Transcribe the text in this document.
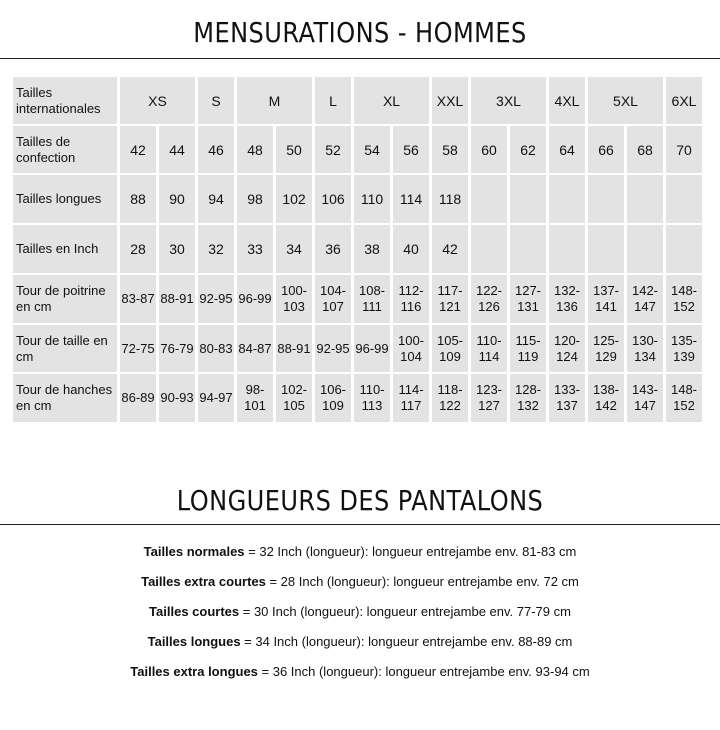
MENSURATIONS - HOMMES
Tailles internationales	XS		S	M		L	XL		XXL	3XL		4XL	5XL		6XL
Tailles de confection	42	44	46	48	50	52	54	56	58	60	62	64	66	68	70
Tailles longues	88	90	94	98	102	106	110	114	118						
Tailles en Inch	28	30	32	33	34	36	38	40	42						
Tour de poitrine en cm	83-87	88-91	92-95	96-99	100-103	104-107	108-111	112-116	117-121	122-126	127-131	132-136	137-141	142-147	148-152
Tour de taille en cm	72-75	76-79	80-83	84-87	88-91	92-95	96-99	100-104	105-109	110-114	115-119	120-124	125-129	130-134	135-139
Tour de hanches en cm	86-89	90-93	94-97	98-101	102-105	106-109	110-113	114-117	118-122	123-127	128-132	133-137	138-142	143-147	148-152
LONGUEURS DES PANTALONS
Tailles normales = 32 Inch (longueur): longueur entrejambe env. 81-83 cm
Tailles extra courtes = 28 Inch (longueur): longueur entrejambe env. 72 cm
Tailles courtes = 30 Inch (longueur): longueur entrejambe env. 77-79 cm
Tailles longues = 34 Inch (longueur): longueur entrejambe env. 88-89 cm
Tailles extra longues = 36 Inch (longueur): longueur entrejambe env. 93-94 cm
